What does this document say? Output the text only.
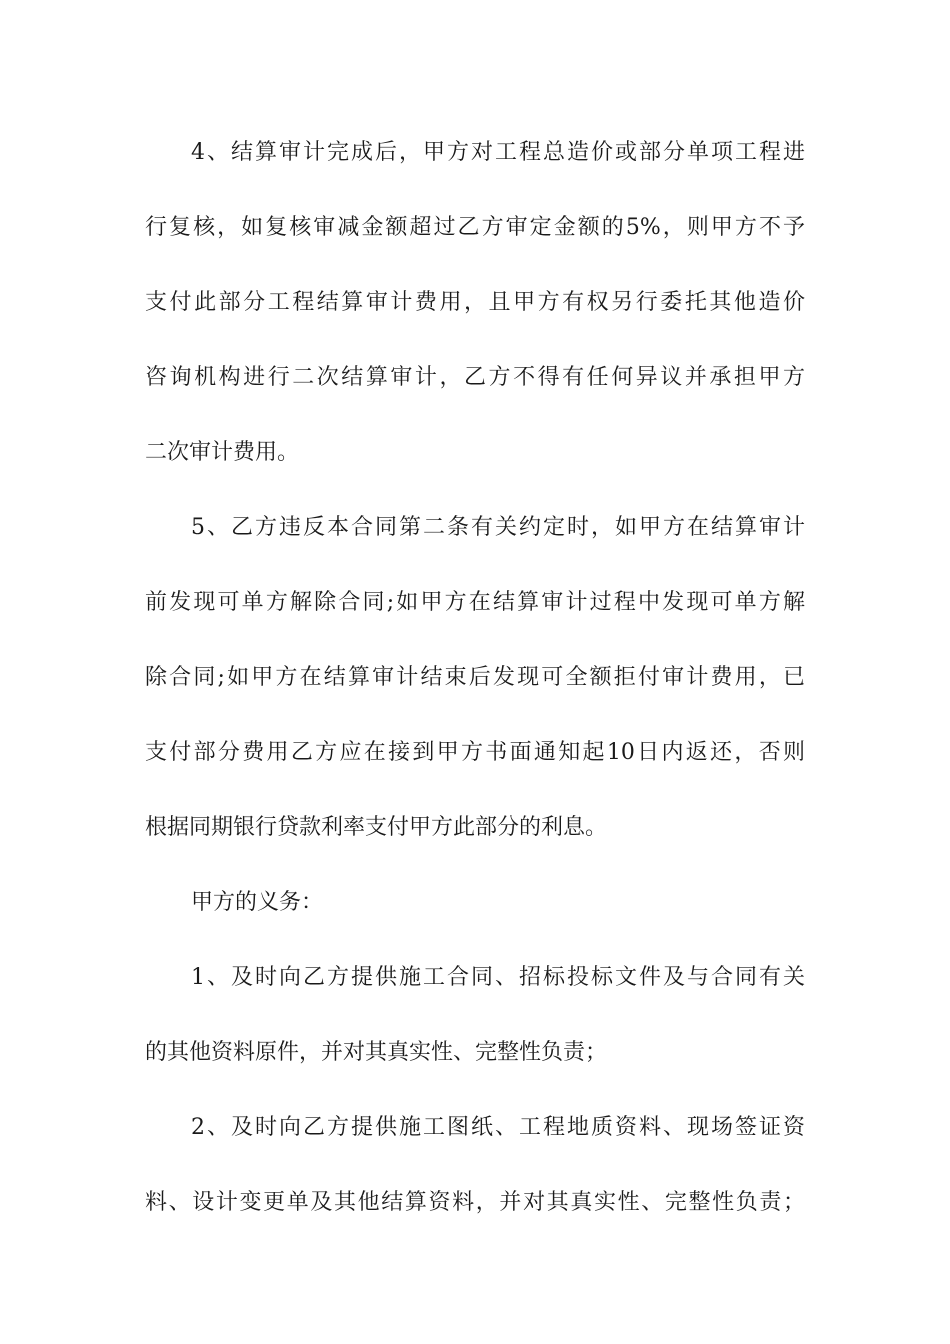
4、结算审计完成后，甲方对工程总造价或部分单项工程进
行复核，如复核审减金额超过乙方审定金额的5%，则甲方不予
支付此部分工程结算审计费用，且甲方有权另行委托其他造价
咨询机构进行二次结算审计，乙方不得有任何异议并承担甲方
二次审计费用。
5、乙方违反本合同第二条有关约定时，如甲方在结算审计
前发现可单方解除合同;如甲方在结算审计过程中发现可单方解
除合同;如甲方在结算审计结束后发现可全额拒付审计费用，已
支付部分费用乙方应在接到甲方书面通知起10日内返还，否则
根据同期银行贷款利率支付甲方此部分的利息。
甲方的义务：
1、及时向乙方提供施工合同、招标投标文件及与合同有关
的其他资料原件，并对其真实性、完整性负责；
2、及时向乙方提供施工图纸、工程地质资料、现场签证资
料、设计变更单及其他结算资料，并对其真实性、完整性负责；
